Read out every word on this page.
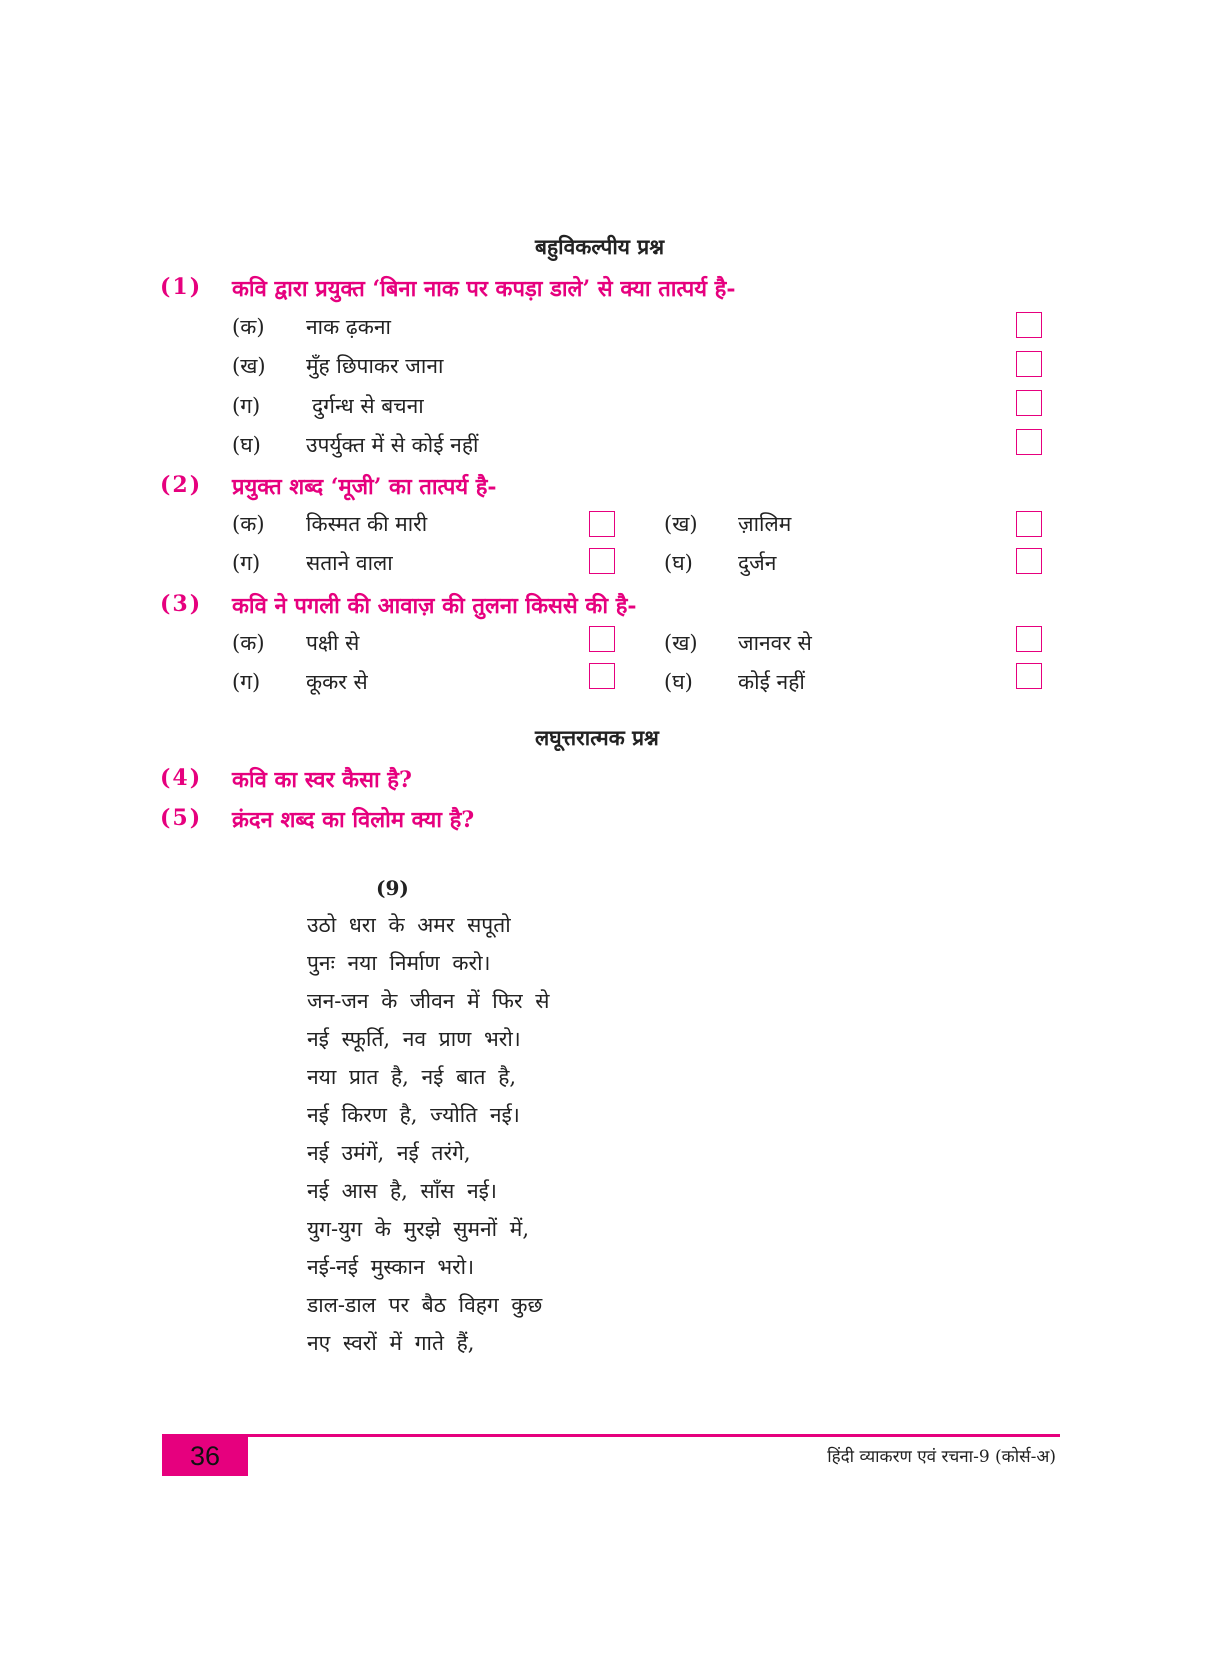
बहुविकल्पीय प्रश्न
(1) कवि द्वारा प्रयुक्त ‘बिना नाक पर कपड़ा डाले’ से क्या तात्पर्य है-
(क) नाक ढ़कना
(ख) मुँह छिपाकर जाना
(ग) दुर्गन्ध से बचना
(घ) उपर्युक्त में से कोई नहीं
(2) प्रयुक्त शब्द ‘मूजी’ का तात्पर्य है-
(क) किस्मत की मारी	(ख) ज़ालिम
(ग) सताने वाला	(घ) दुर्जन
(3) कवि ने पगली की आवाज़ की तुलना किससे की है-
(क) पक्षी से	(ख) जानवर से
(ग) कूकर से	(घ) कोई नहीं
लघूत्तरात्मक प्रश्न
(4) कवि का स्वर कैसा है?
(5) क्रंदन शब्द का विलोम क्या है?
(9)
उठो धरा के अमर सपूतो
पुनः नया निर्माण करो।
जन-जन के जीवन में फिर से
नई स्फूर्ति, नव प्राण भरो।
नया प्रात है, नई बात है,
नई किरण है, ज्योति नई।
नई उमंगें, नई तरंगे,
नई आस है, साँस नई।
युग-युग के मुरझे सुमनों में,
नई-नई मुस्कान भरो।
डाल-डाल पर बैठ विहग कुछ
नए स्वरों में गाते हैं,
36	हिंदी व्याकरण एवं रचना-9 (कोर्स-अ)
